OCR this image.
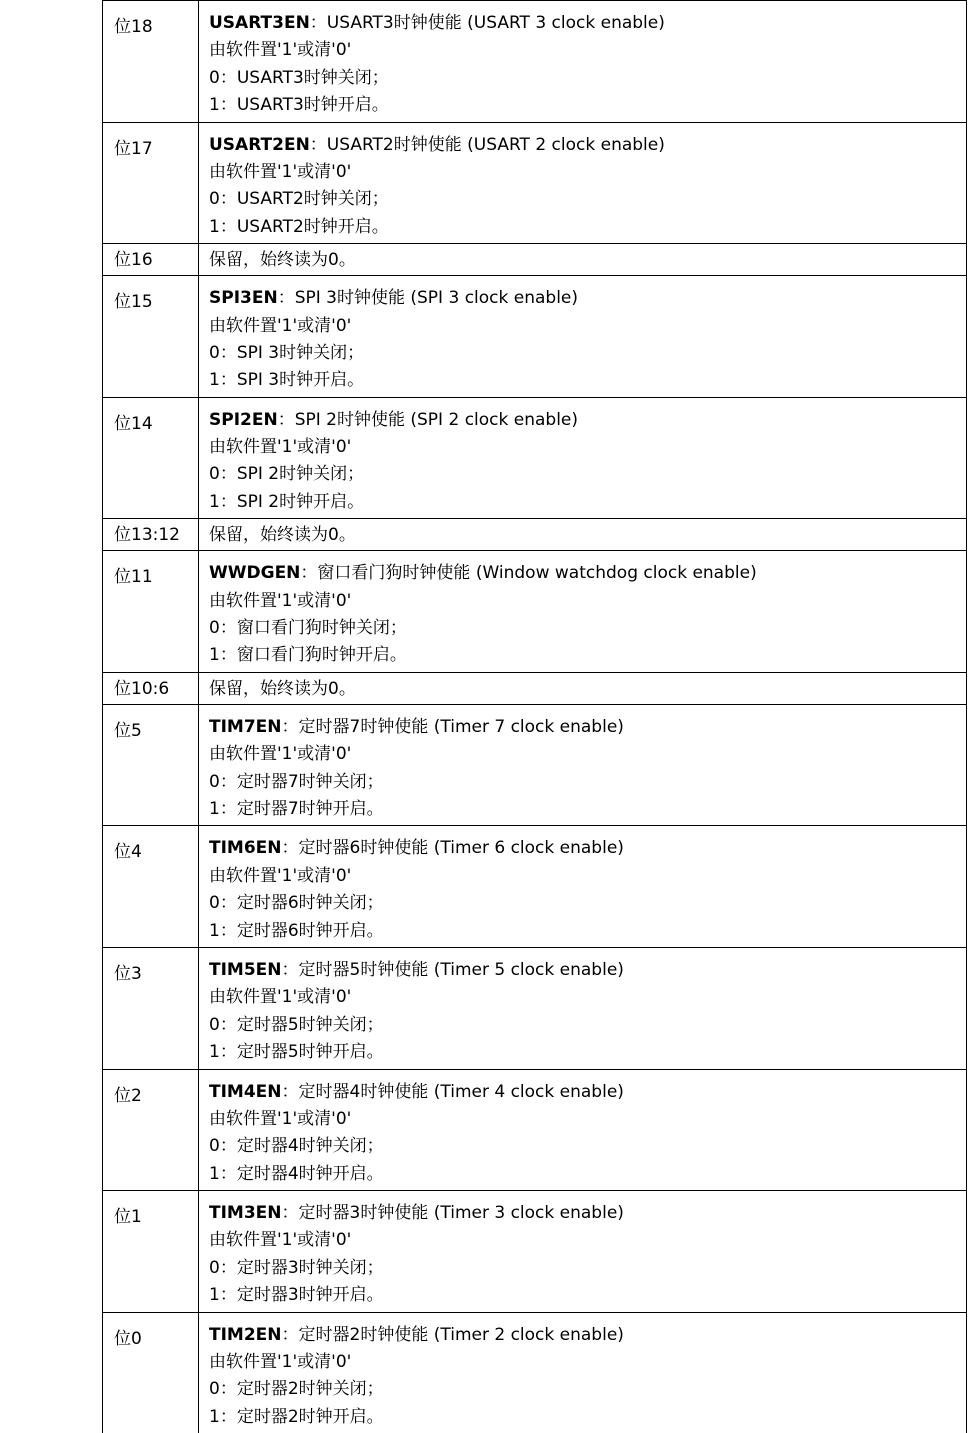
位18	USART3EN：USART3时钟使能 (USART 3 clock enable)
由软件置'1'或清'0'
0：USART3时钟关闭；
1：USART3时钟开启。

位17	USART2EN：USART2时钟使能 (USART 2 clock enable)
由软件置'1'或清'0'
0：USART2时钟关闭；
1：USART2时钟开启。

位16	保留，始终读为0。

位15	SPI3EN：SPI 3时钟使能 (SPI 3 clock enable)
由软件置'1'或清'0'
0：SPI 3时钟关闭；
1：SPI 3时钟开启。

位14	SPI2EN：SPI 2时钟使能 (SPI 2 clock enable)
由软件置'1'或清'0'
0：SPI 2时钟关闭；
1：SPI 2时钟开启。

位13:12	保留，始终读为0。

位11	WWDGEN：窗口看门狗时钟使能 (Window watchdog clock enable)
由软件置'1'或清'0'
0：窗口看门狗时钟关闭；
1：窗口看门狗时钟开启。

位10:6	保留，始终读为0。

位5	TIM7EN：定时器7时钟使能 (Timer 7 clock enable)
由软件置'1'或清'0'
0：定时器7时钟关闭；
1：定时器7时钟开启。

位4	TIM6EN：定时器6时钟使能 (Timer 6 clock enable)
由软件置'1'或清'0'
0：定时器6时钟关闭；
1：定时器6时钟开启。

位3	TIM5EN：定时器5时钟使能 (Timer 5 clock enable)
由软件置'1'或清'0'
0：定时器5时钟关闭；
1：定时器5时钟开启。

位2	TIM4EN：定时器4时钟使能 (Timer 4 clock enable)
由软件置'1'或清'0'
0：定时器4时钟关闭；
1：定时器4时钟开启。

位1	TIM3EN：定时器3时钟使能 (Timer 3 clock enable)
由软件置'1'或清'0'
0：定时器3时钟关闭；
1：定时器3时钟开启。

位0	TIM2EN：定时器2时钟使能 (Timer 2 clock enable)
由软件置'1'或清'0'
0：定时器2时钟关闭；
1：定时器2时钟开启。
